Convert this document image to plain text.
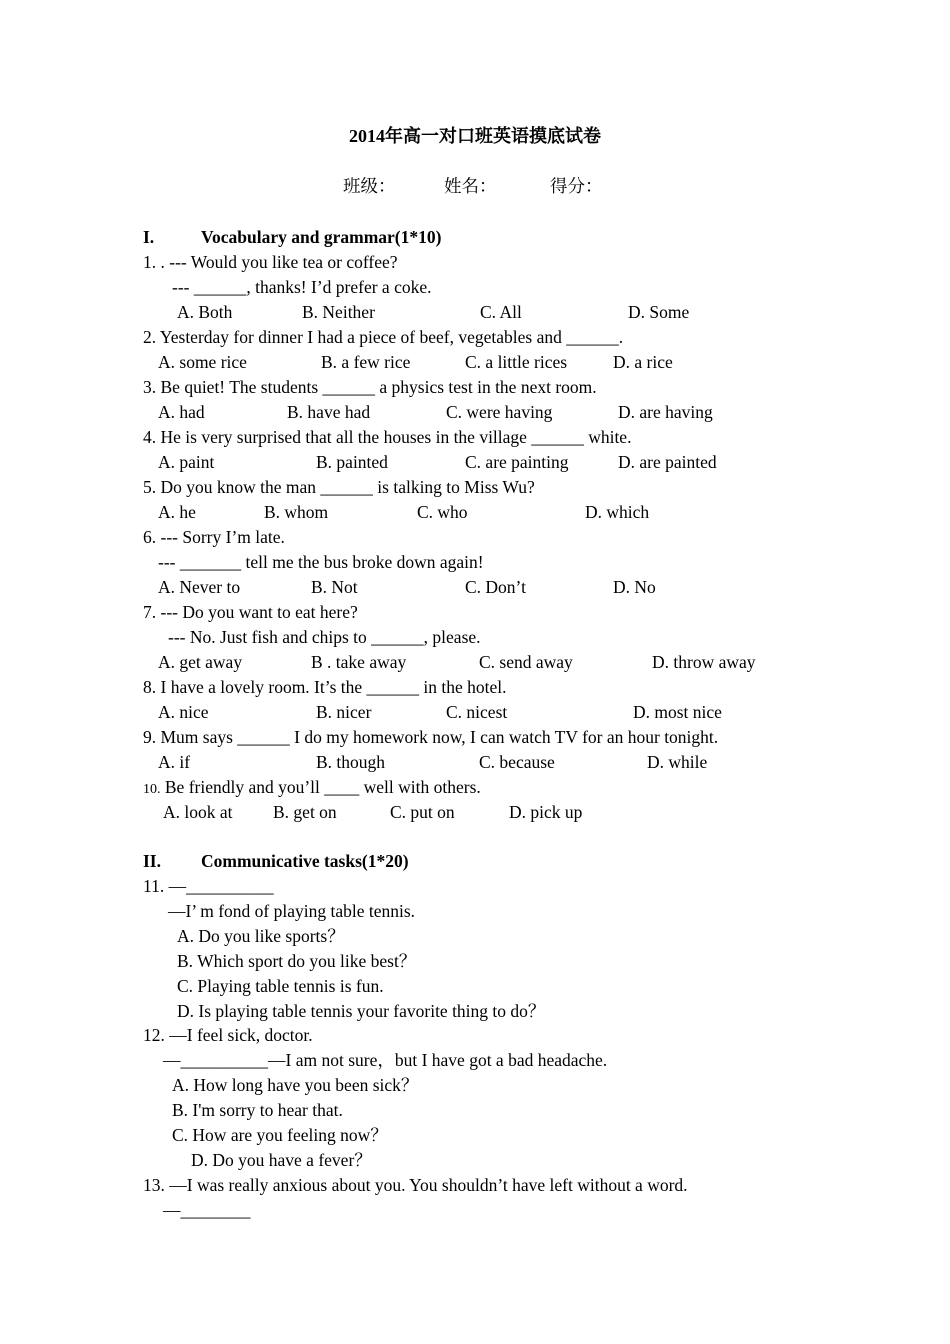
2014年高一对口班英语摸底试卷
班级：	姓名：	得分：
I.	Vocabulary and grammar(1*10)
1. . --- Would you like tea or coffee?
--- ______, thanks! I’d prefer a coke.
A. Both	B. Neither	C. All	D. Some
2. Yesterday for dinner I had a piece of beef, vegetables and ______.
A. some rice	B. a few rice	C. a little rices	D. a rice
3. Be quiet! The students ______ a physics test in the next room.
A. had	B. have had	C. were having	D. are having
4. He is very surprised that all the houses in the village ______ white.
A. paint	B. painted	C. are painting	D. are painted
5. Do you know the man ______ is talking to Miss Wu?
A. he	B. whom	C. who	D. which
6. --- Sorry I’m late.
--- _______ tell me the bus broke down again!
A. Never to	B. Not	C. Don’t	D. No
7. --- Do you want to eat here?
--- No. Just fish and chips to ______, please.
A. get away	B . take away	C. send away	D. throw away
8. I have a lovely room. It’s the ______ in the hotel.
A. nice	B. nicer	C. nicest	D. most nice
9. Mum says ______ I do my homework now, I can watch TV for an hour tonight.
A. if	B. though	C. because	D. while
10. Be friendly and you’ll ____ well with others.
A. look at B. get on	C. put on	D. pick up
II. Communicative tasks(1*20)
11. —__________
—I’ m fond of playing table tennis.
A. Do you like sports？
B. Which sport do you like best？
C. Playing table tennis is fun.
D. Is playing table tennis your favorite thing to do？
12. —I feel sick, doctor.
—__________—I am not sure，but I have got a bad headache.
A. How long have you been sick？
B. I'm sorry to hear that.
C. How are you feeling now？
D. Do you have a fever？
13. —I was really anxious about you. You shouldn’t have left without a word.
—________
